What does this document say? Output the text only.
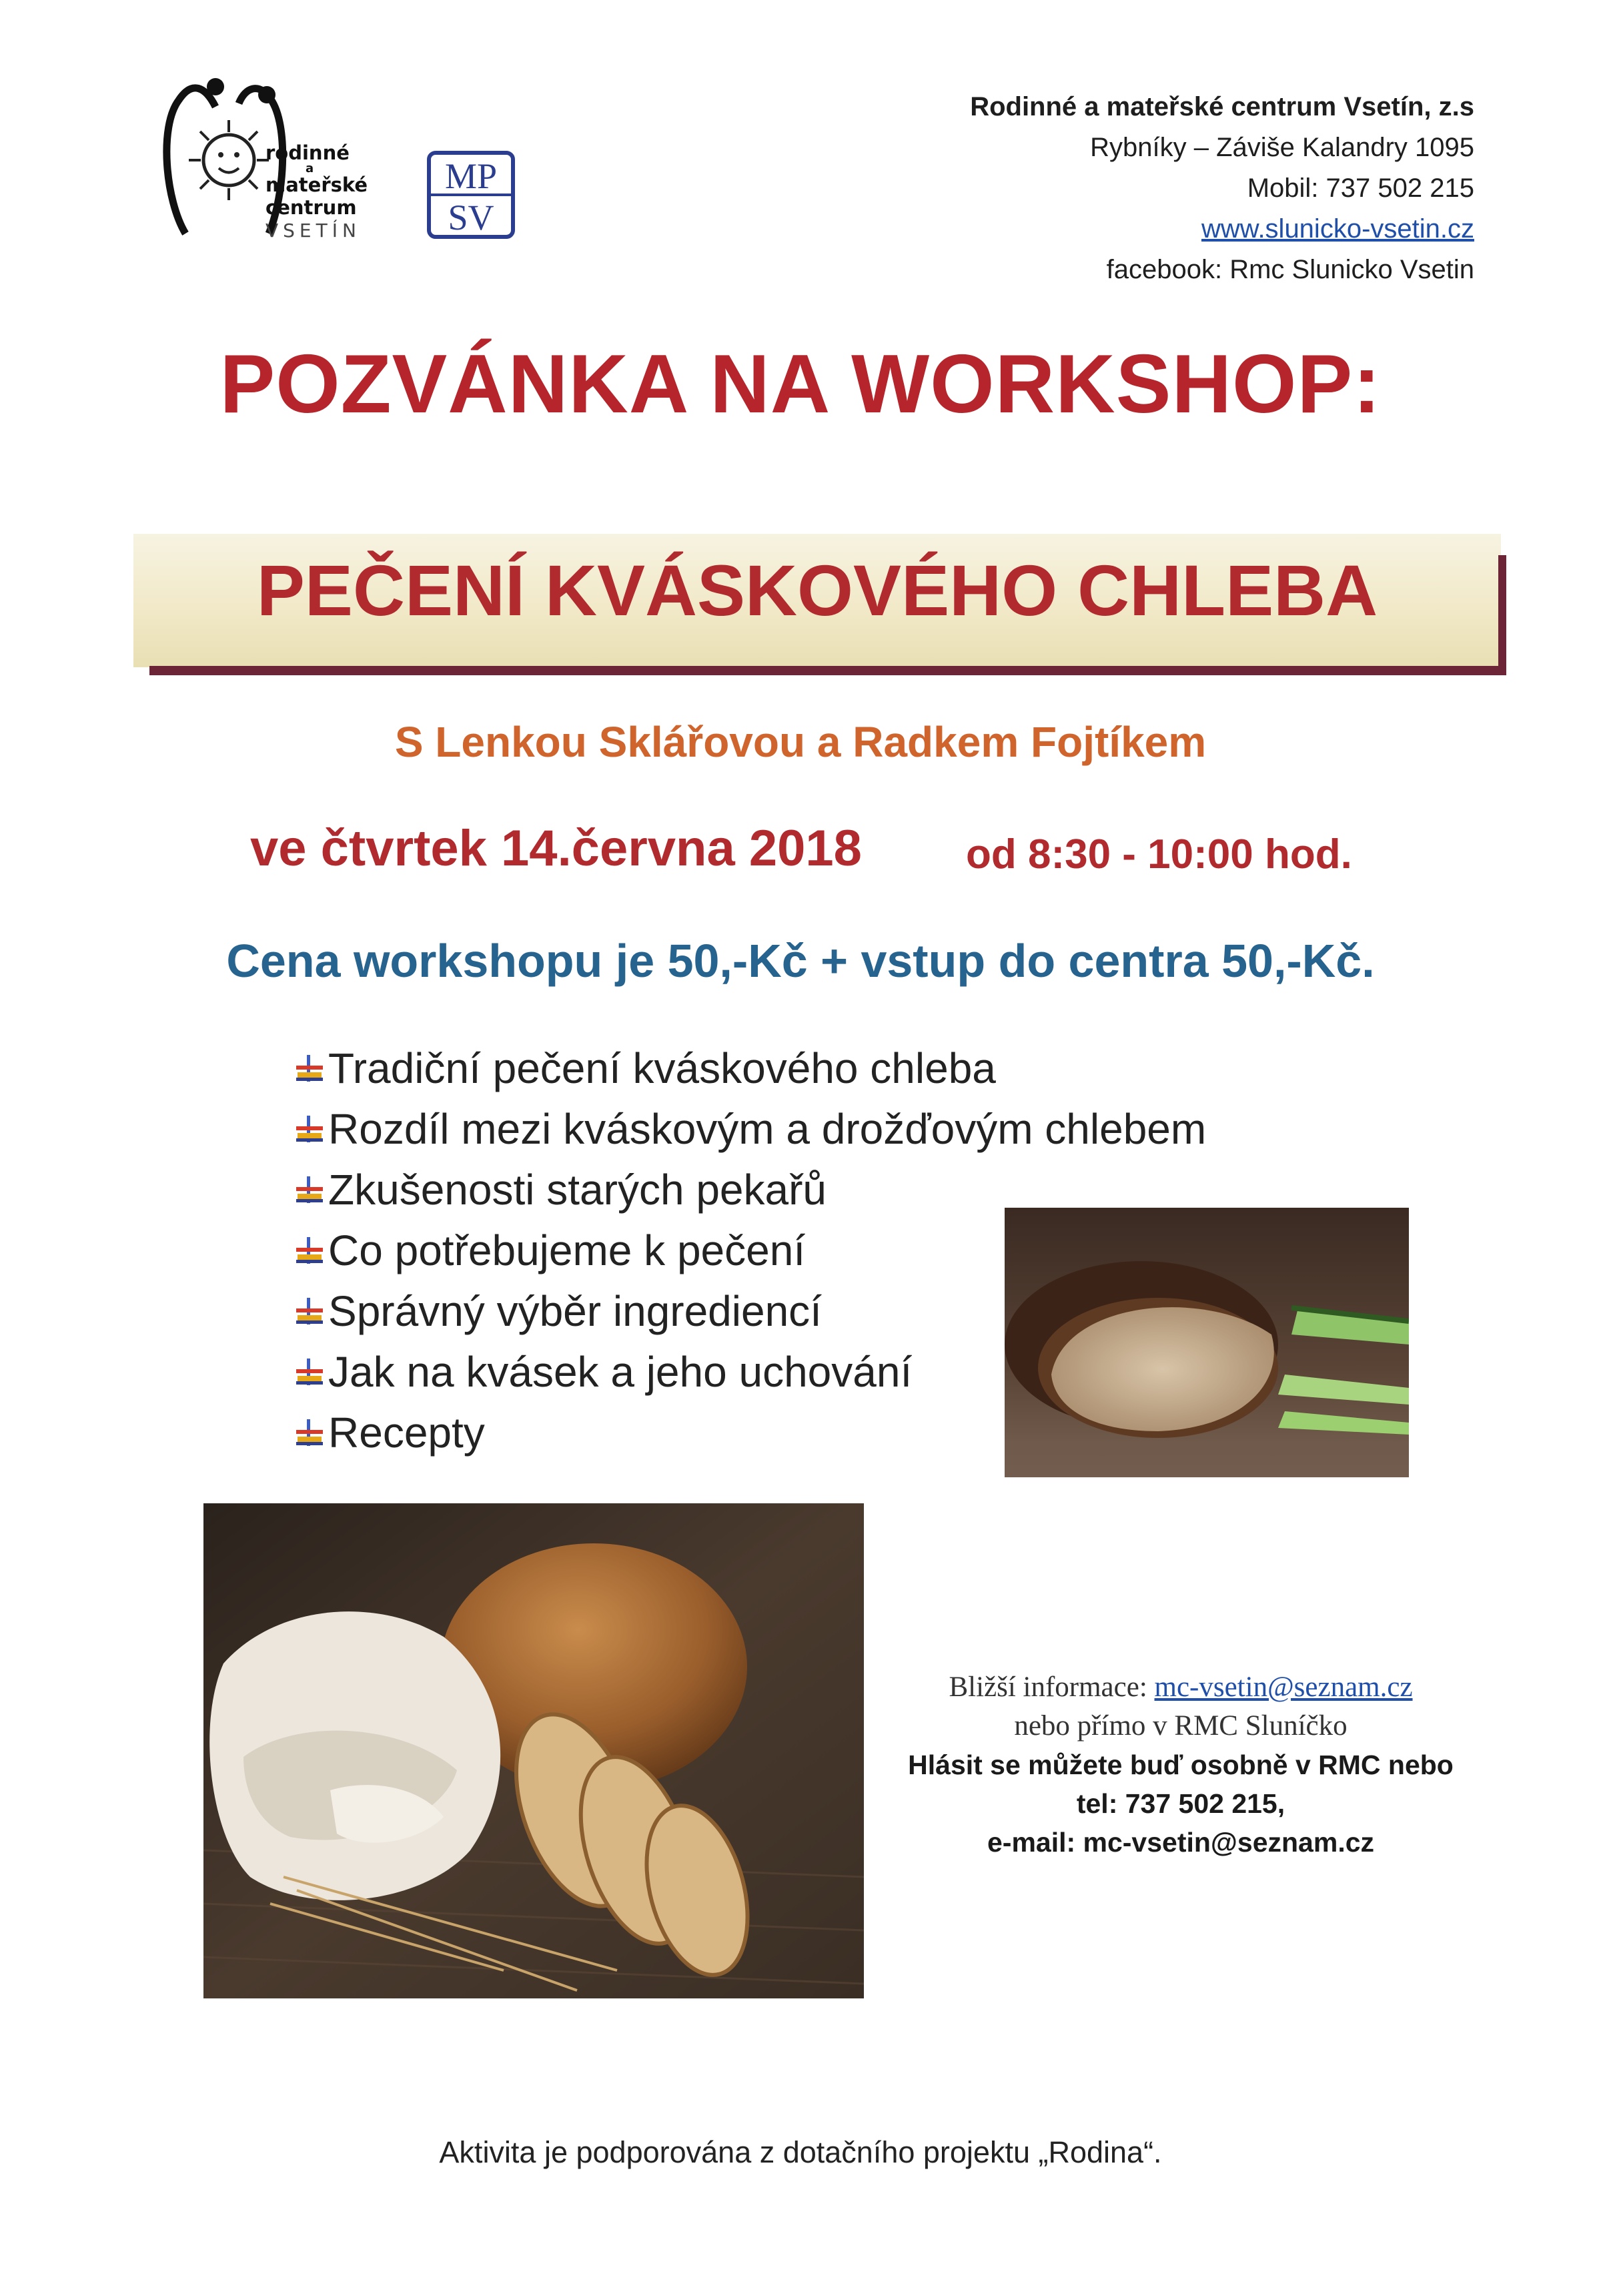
rodinné

a
mateřské
centrum
VSETÍN
MP
SV
Rodinné a mateřské centrum Vsetín, z.s
Rybníky – Záviše Kalandry 1095
Mobil: 737 502 215
www.slunicko-vsetin.cz
facebook: Rmc Slunicko Vsetin
POZVÁNKA NA WORKSHOP:
PEČENÍ KVÁSKOVÉHO CHLEBA
S Lenkou Sklářovou a Radkem Fojtíkem
ve čtvrtek 14.června 2018	od 8:30 - 10:00 hod.
Cena workshopu je 50,-Kč + vstup do centra 50,-Kč.
Tradiční pečení kváskového chleba
Rozdíl mezi kváskovým a drožďovým chlebem
Zkušenosti starých pekařů
Co potřebujeme k pečení
Správný výběr ingrediencí
Jak na kvásek a jeho uchování
Recepty
Bližší informace: mc-vsetin@seznam.cz
nebo přímo v RMC Sluníčko
Hlásit se můžete buď osobně v RMC nebo
tel: 737 502 215,
e-mail: mc-vsetin@seznam.cz
Aktivita je podporována z dotačního projektu „Rodina“.
